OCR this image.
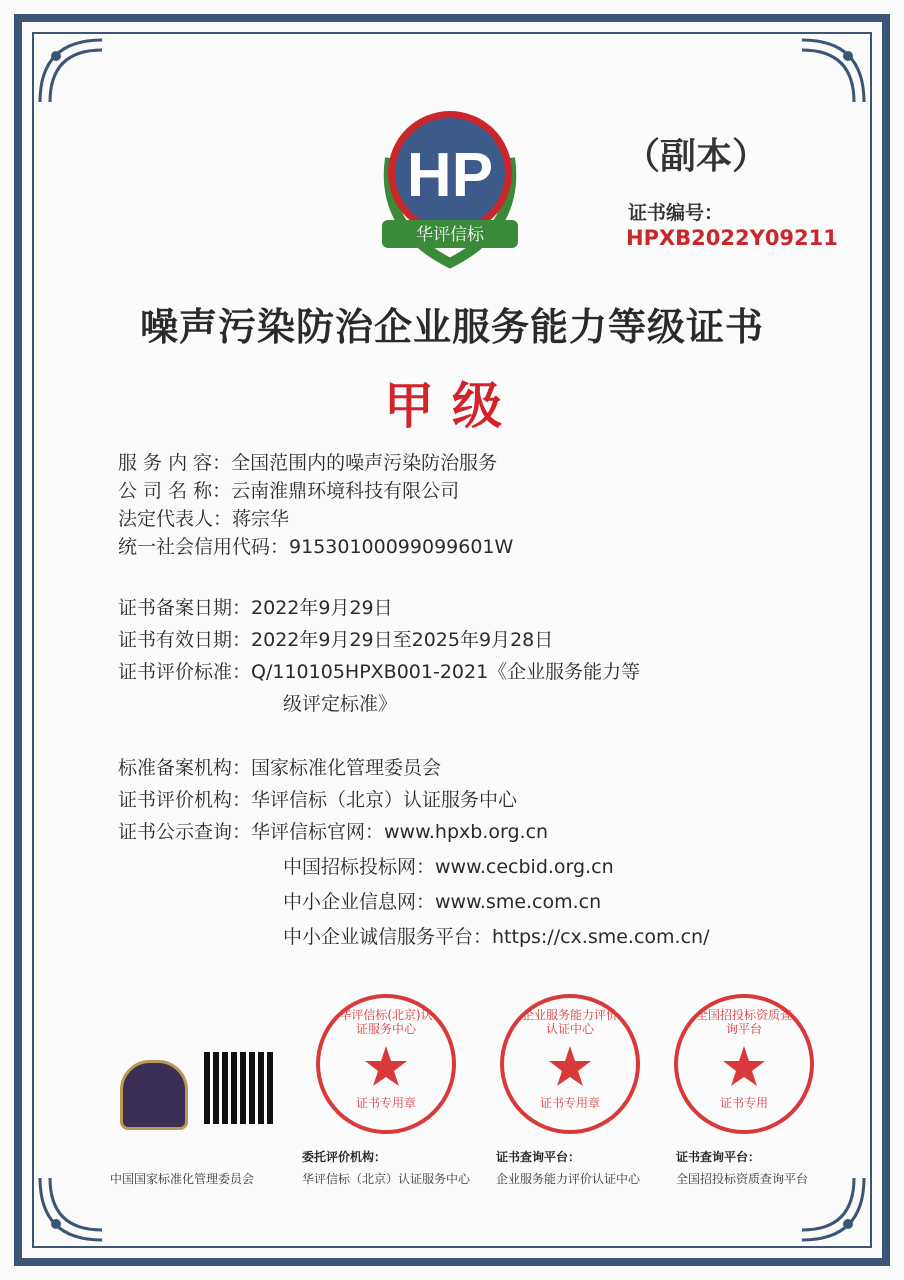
HP
华评信标
（副本）
证书编号：
HPXB2022Y09211
噪声污染防治企业服务能力等级证书
甲级
服 务 内 容：全国范围内的噪声污染防治服务
公 司 名 称：云南淮鼎环境科技有限公司
法定代表人：蒋宗华
统一社会信用代码：91530100099099601W
证书备案日期：2022年9月29日
证书有效日期：2022年9月29日至2025年9月28日
证书评价标准：Q/110105HPXB001-2021《企业服务能力等
级评定标准》
标准备案机构：国家标准化管理委员会
证书评价机构：华评信标（北京）认证服务中心
证书公示查询：华评信标官网：www.hpxb.org.cn
中国招标投标网：www.cecbid.org.cn
中小企业信息网：www.sme.com.cn
中小企业诚信服务平台：https://cx.sme.com.cn/
中国国家标准化管理委员会
华评信标(北京)认证服务中心
证书专用章
委托评价机构：
华评信标（北京）认证服务中心
企业服务能力评价认证中心
证书专用章
证书查询平台：
企业服务能力评价认证中心
全国招投标资质查询平台
证书专用
证书查询平台：
全国招投标资质查询平台
